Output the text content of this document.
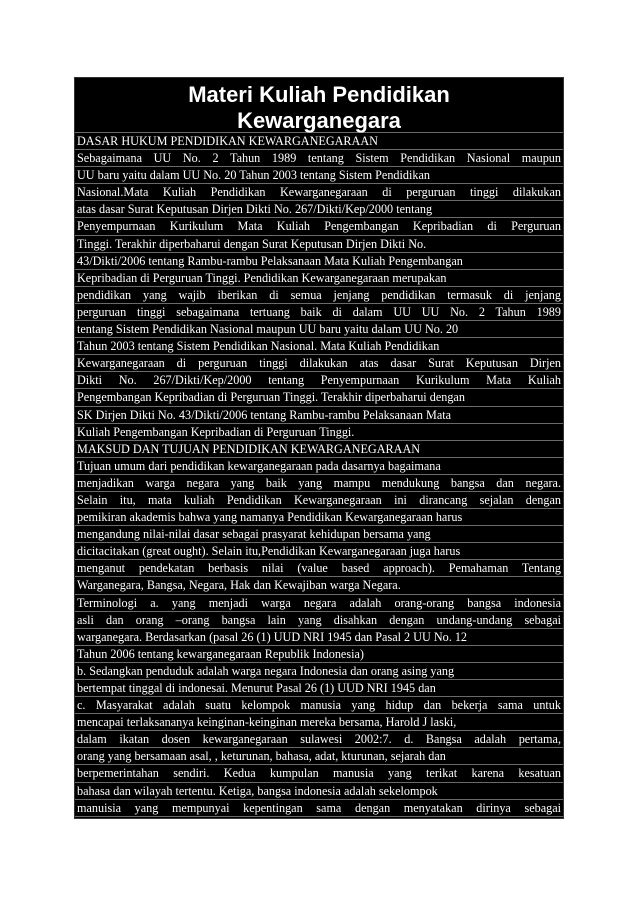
Materi Kuliah Pendidikan
Kewarganegara
DASAR HUKUM PENDIDIKAN KEWARGANEGARAAN
Sebagaimana UU No. 2 Tahun 1989 tentang Sistem Pendidikan Nasional maupun
UU baru yaitu dalam UU No. 20 Tahun 2003 tentang Sistem Pendidikan
Nasional.Mata Kuliah Pendidikan Kewarganegaraan di perguruan tinggi dilakukan
atas dasar Surat Keputusan Dirjen Dikti No. 267/Dikti/Kep/2000 tentang
Penyempurnaan Kurikulum Mata Kuliah Pengembangan Kepribadian di Perguruan
Tinggi. Terakhir diperbaharui dengan Surat Keputusan Dirjen Dikti No.
43/Dikti/2006 tentang Rambu-rambu Pelaksanaan Mata Kuliah Pengembangan
Kepribadian di Perguruan Tinggi. Pendidikan Kewarganegaraan merupakan
pendidikan yang wajib iberikan di semua jenjang pendidikan termasuk di jenjang
perguruan tinggi sebagaimana tertuang baik di dalam UU UU No. 2 Tahun 1989
tentang Sistem Pendidikan Nasional maupun UU baru yaitu dalam UU No. 20
Tahun 2003 tentang Sistem Pendidikan Nasional. Mata Kuliah Pendidikan
Kewarganegaraan di perguruan tinggi dilakukan atas dasar Surat Keputusan Dirjen
Dikti No. 267/Dikti/Kep/2000 tentang Penyempurnaan Kurikulum Mata Kuliah
Pengembangan Kepribadian di Perguruan Tinggi. Terakhir diperbaharui dengan
SK Dirjen Dikti No. 43/Dikti/2006 tentang Rambu-rambu Pelaksanaan Mata
Kuliah Pengembangan Kepribadian di Perguruan Tinggi.
MAKSUD DAN TUJUAN PENDIDIKAN KEWARGANEGARAAN
Tujuan umum dari pendidikan kewarganegaraan pada dasarnya bagaimana
menjadikan warga negara yang baik yang mampu mendukung bangsa dan negara.
Selain itu, mata kuliah Pendidikan Kewarganegaraan ini dirancang sejalan dengan
pemikiran akademis bahwa yang namanya Pendidikan Kewarganegaraan harus
mengandung nilai-nilai dasar sebagai prasyarat kehidupan bersama yang
dicitacitakan (great ought). Selain itu,Pendidikan Kewarganegaraan juga harus
menganut pendekatan berbasis nilai (value based approach). Pemahaman Tentang
Warganegara, Bangsa, Negara, Hak dan Kewajiban warga Negara.
Terminologi a. yang menjadi warga negara adalah orang-orang bangsa indonesia
asli dan orang –orang bangsa lain yang disahkan dengan undang-undang sebagai
warganegara. Berdasarkan (pasal 26 (1) UUD NRI 1945 dan Pasal 2 UU No. 12
Tahun 2006 tentang kewarganegaraan Republik Indonesia)
b. Sedangkan penduduk adalah warga negara Indonesia dan orang asing yang
bertempat tinggal di indonesai. Menurut Pasal 26 (1) UUD NRI 1945 dan
c. Masyarakat adalah suatu kelompok manusia yang hidup dan bekerja sama untuk
mencapai terlaksananya keinginan-keinginan mereka bersama, Harold J laski,
dalam ikatan dosen kewarganegaraan sulawesi 2002:7. d. Bangsa adalah pertama,
orang yang bersamaan asal, , keturunan, bahasa, adat, kturunan, sejarah dan
berpemerintahan sendiri. Kedua kumpulan manusia yang terikat karena kesatuan
bahasa dan wilayah tertentu. Ketiga, bangsa indonesia adalah sekelompok
manuisia yang mempunyai kepentingan sama dengan menyatakan dirinya sebagai
suatu bangsa serta berproses di dalam suatu wilayah diindonesia (nusantara) e.
